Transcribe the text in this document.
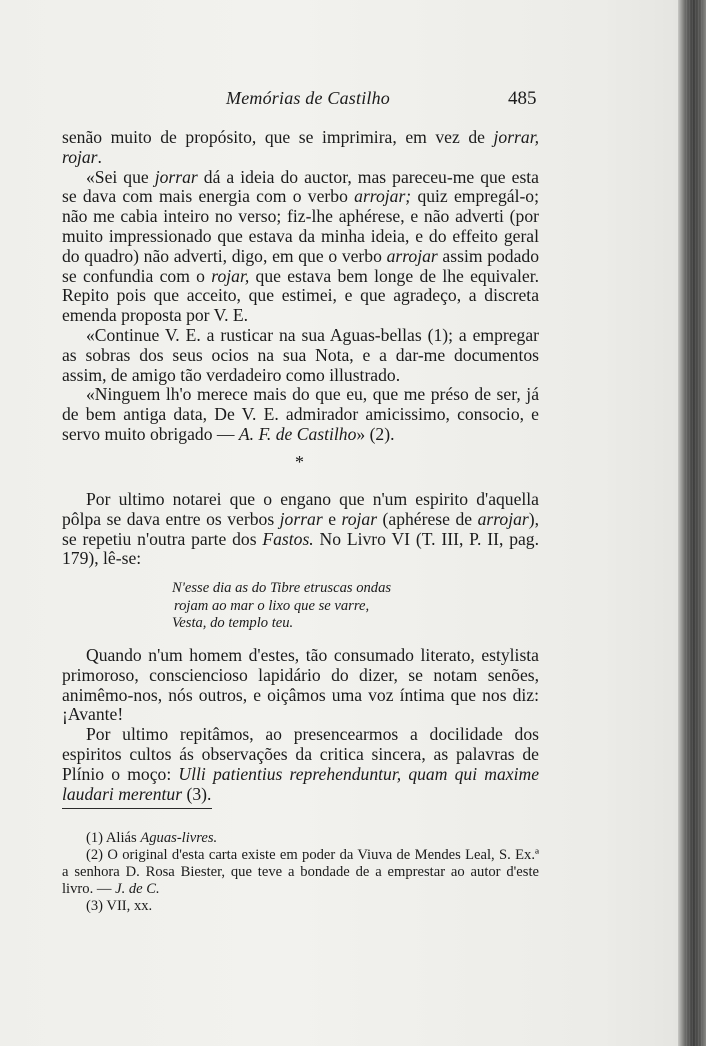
Memórias de Castilho	485

senão muito de propósito, que se imprimira, em vez de jorrar, rojar.

«Sei que jorrar dá a ideia do auctor, mas pareceu-me que esta se dava com mais energia com o verbo arrojar; quiz empregál-o; não me cabia inteiro no verso; fiz-lhe aphérese, e não adverti (por muito impressionado que estava da minha ideia, e do effeito geral do quadro) não adverti, digo, em que o verbo arrojar assim podado se confundia com o rojar, que estava bem longe de lhe equivaler. Repito pois que acceito, que estimei, e que agradeço, a discreta emenda proposta por V. E.

«Continue V. E. a rusticar na sua Aguas-bellas (1); a empregar as sobras dos seus ocios na sua Nota, e a dar-me documentos assim, de amigo tão verdadeiro como illustrado.

«Ninguem lh'o merece mais do que eu, que me préso de ser, já de bem antiga data, De V. E. admirador amicissimo, consocio, e servo muito obrigado — A. F. de Castilho» (2).

*

Por ultimo notarei que o engano que n'um espirito d'aquella pôlpa se dava entre os verbos jorrar e rojar (aphérese de arrojar), se repetiu n'outra parte dos Fastos. No Livro VI (T. III, P. II, pag. 179), lê-se:

N'esse dia as do Tibre etruscas ondas
rojam ao mar o lixo que se varre,
Vesta, do templo teu.

Quando n'um homem d'estes, tão consumado literato, estylista primoroso, consciencioso lapidário do dizer, se notam senões, animêmo-nos, nós outros, e oiçâmos uma voz íntima que nos diz: ¡Avante!

Por ultimo repitâmos, ao presencearmos a docilidade dos espiritos cultos ás observações da critica sincera, as palavras de Plínio o moço: Ulli patientius reprehenduntur, quam qui maxime laudari merentur (3).

(1) Aliás Aguas-livres.

(2) O original d'esta carta existe em poder da Viuva de Mendes Leal, S. Ex.ª a senhora D. Rosa Biester, que teve a bondade de a emprestar ao autor d'este livro. — J. de C.

(3) VII, xx.
